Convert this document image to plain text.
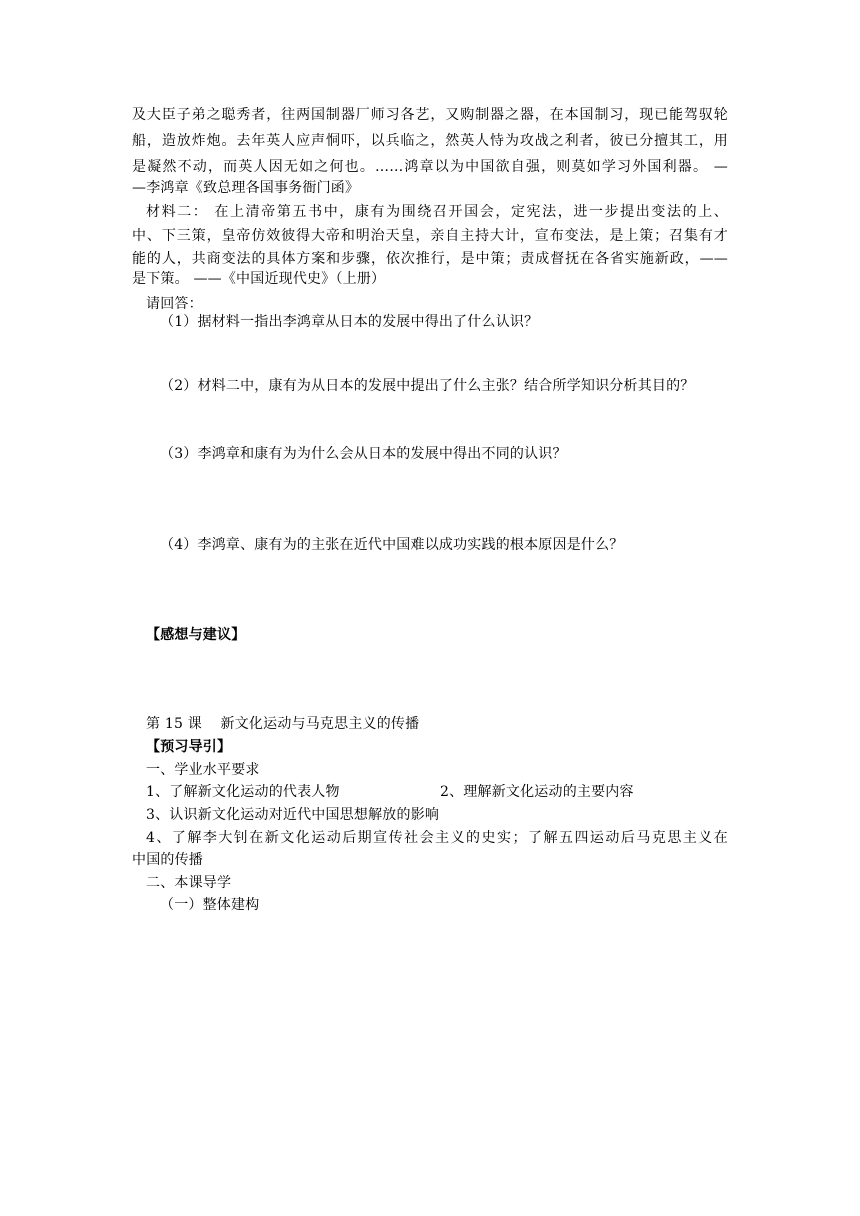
及大臣子弟之聪秀者，往两国制器厂师习各艺，又购制器之器，在本国制习，现已能驾驭轮
船，造放炸炮。去年英人应声恫吓，以兵临之，然英人恃为攻战之利者，彼已分擅其工，用
是凝然不动，而英人因无如之何也。……鸿章以为中国欲自强，则莫如学习外国利器。 —
—李鸿章《致总理各国事务衙门函》
材料二： 在上清帝第五书中，康有为围绕召开国会，定宪法，进一步提出变法的上、
中、下三策，皇帝仿效彼得大帝和明治天皇，亲自主持大计，宣布变法，是上策；召集有才
能的人，共商变法的具体方案和步骤，依次推行，是中策；责成督抚在各省实施新政，——
是下策。 ——《中国近现代史》（上册）
请回答：
（1）据材料一指出李鸿章从日本的发展中得出了什么认识？
（2）材料二中，康有为从日本的发展中提出了什么主张？结合所学知识分析其目的？
（3）李鸿章和康有为为什么会从日本的发展中得出不同的认识？
（4）李鸿章、康有为的主张在近代中国难以成功实践的根本原因是什么？
【感想与建议】
第 15 课    新文化运动与马克思主义的传播
【预习导引】
一、学业水平要求
1、了解新文化运动的代表人物	2、理解新文化运动的主要内容
3、认识新文化运动对近代中国思想解放的影响
4、了解李大钊在新文化运动后期宣传社会主义的史实；了解五四运动后马克思主义在
中国的传播
二、本课导学
（一）整体建构
